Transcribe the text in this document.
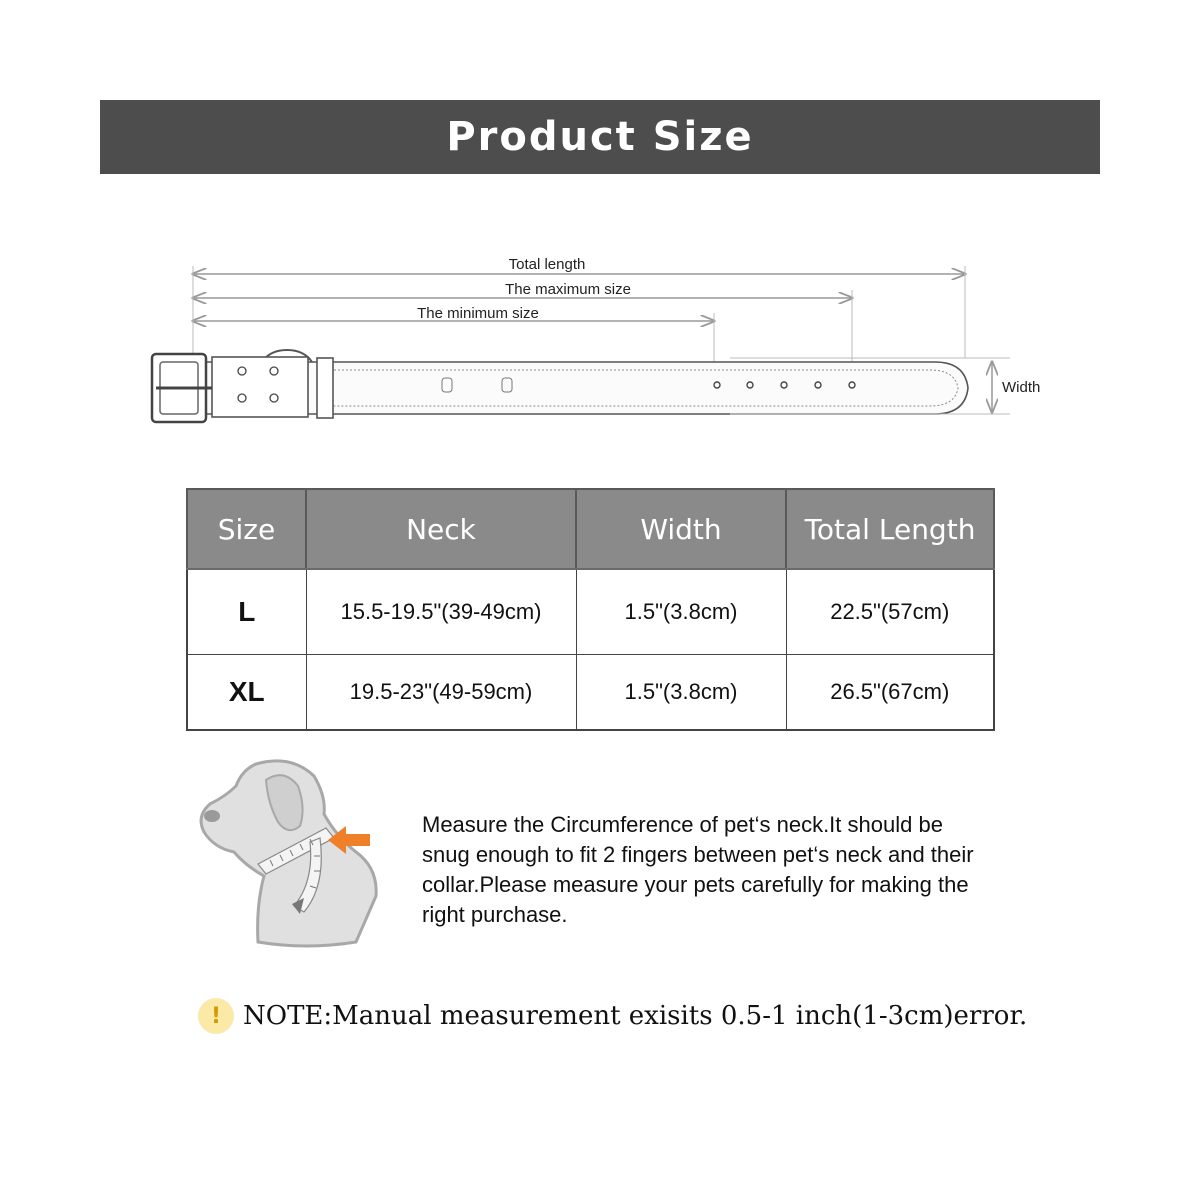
Product Size
Total length
The maximum size
The minimum size
Width
Size	Neck	Width	Total Length
L	15.5-19.5"(39-49cm)	1.5"(3.8cm)	22.5"(57cm)
XL	19.5-23"(49-59cm)	1.5"(3.8cm)	26.5"(67cm)
Measure the Circumference of pet‘s neck.It should be snug enough to fit 2 fingers between pet‘s neck and their collar.Please measure your pets carefully for making the right purchase.
! NOTE:Manual measurement exisits 0.5-1 inch(1-3cm)error.
